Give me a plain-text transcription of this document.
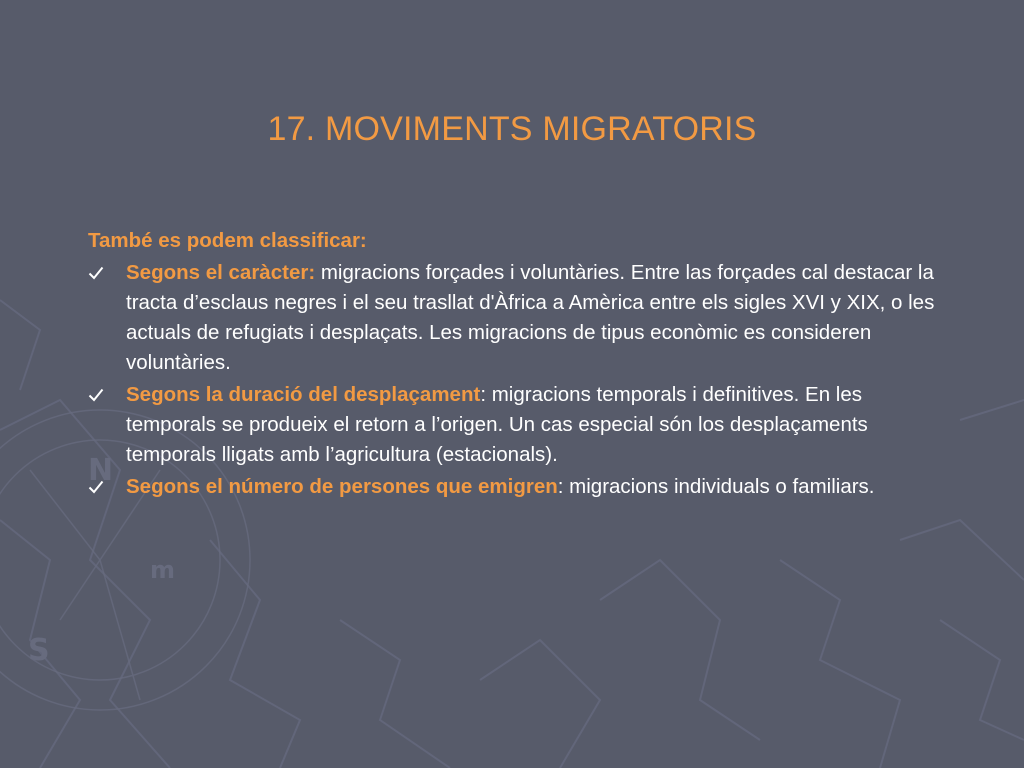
N
S
m
17. MOVIMENTS MIGRATORIS
També es podem classificar:
Segons el caràcter: migracions forçades i voluntàries. Entre las forçades cal destacar la tracta d’esclaus negres i el seu trasllat d'Àfrica a Amèrica entre els sigles XVI y XIX, o les actuals de refugiats i desplaçats. Les migracions de tipus econòmic es consideren voluntàries.
Segons la duració del desplaçament: migracions temporals i definitives. En les temporals se produeix el retorn a l’origen. Un cas especial són los desplaçaments temporals lligats amb l’agricultura (estacionals).
Segons el número de persones que emigren: migracions individuals o familiars.
